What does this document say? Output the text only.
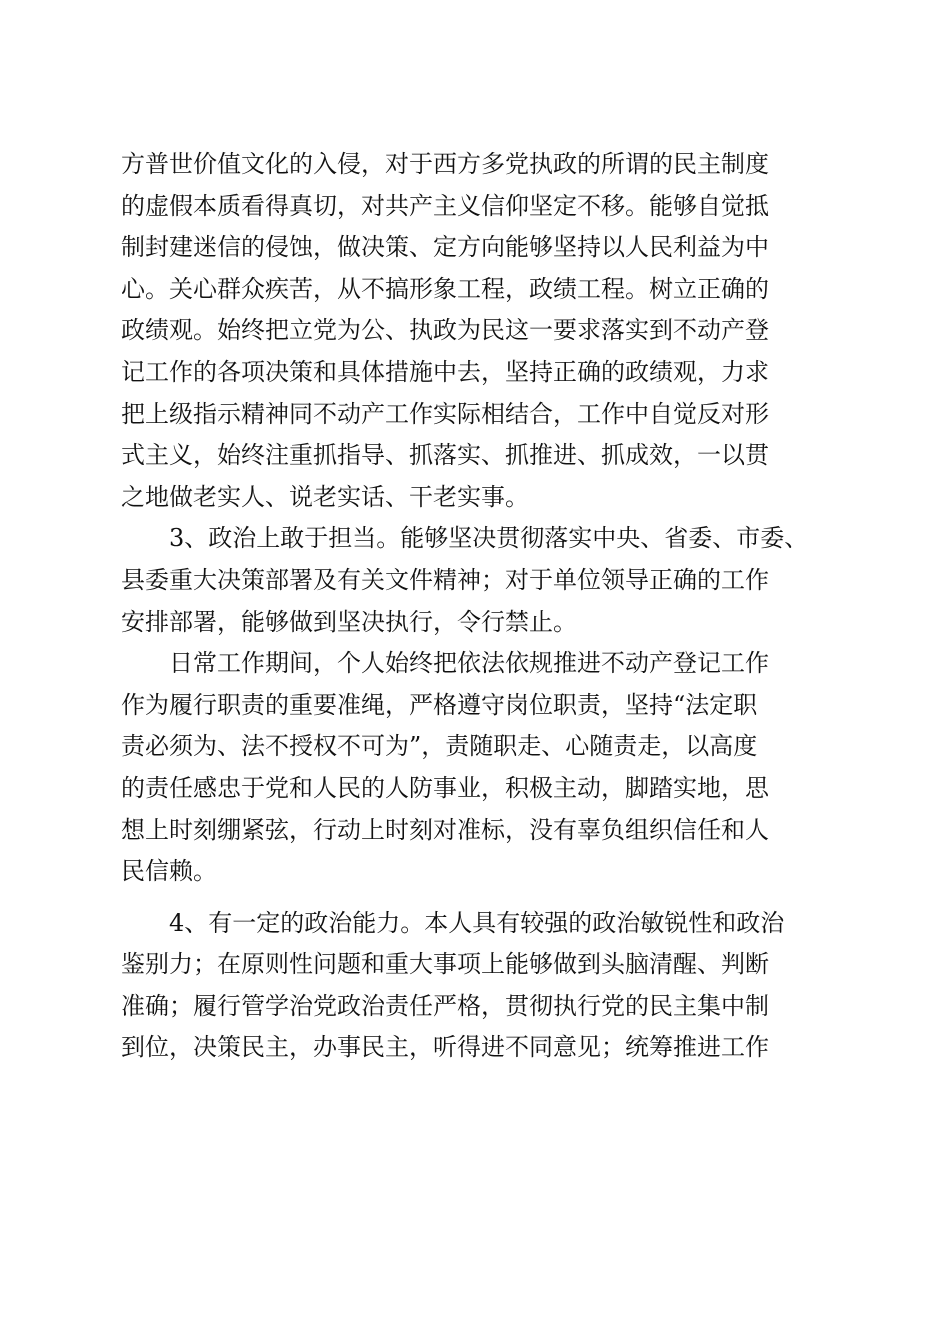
方普世价值文化的入侵，对于西方多党执政的所谓的民主制度
的虚假本质看得真切，对共产主义信仰坚定不移。能够自觉抵
制封建迷信的侵蚀，做决策、定方向能够坚持以人民利益为中
心。关心群众疾苦，从不搞形象工程，政绩工程。树立正确的
政绩观。始终把立党为公、执政为民这一要求落实到不动产登
记工作的各项决策和具体措施中去，坚持正确的政绩观，力求
把上级指示精神同不动产工作实际相结合，工作中自觉反对形
式主义，始终注重抓指导、抓落实、抓推进、抓成效，一以贯
之地做老实人、说老实话、干老实事。
　　3、政治上敢于担当。能够坚决贯彻落实中央、省委、市委、
县委重大决策部署及有关文件精神；对于单位领导正确的工作
安排部署，能够做到坚决执行，令行禁止。
　　日常工作期间，个人始终把依法依规推进不动产登记工作
作为履行职责的重要准绳，严格遵守岗位职责，坚持“法定职
责必须为、法不授权不可为”，责随职走、心随责走，以高度
的责任感忠于党和人民的人防事业，积极主动，脚踏实地，思
想上时刻绷紧弦，行动上时刻对准标，没有辜负组织信任和人
民信赖。
　　4、有一定的政治能力。本人具有较强的政治敏锐性和政治
鉴别力；在原则性问题和重大事项上能够做到头脑清醒、判断
准确；履行管学治党政治责任严格，贯彻执行党的民主集中制
到位，决策民主，办事民主，听得进不同意见；统筹推进工作
